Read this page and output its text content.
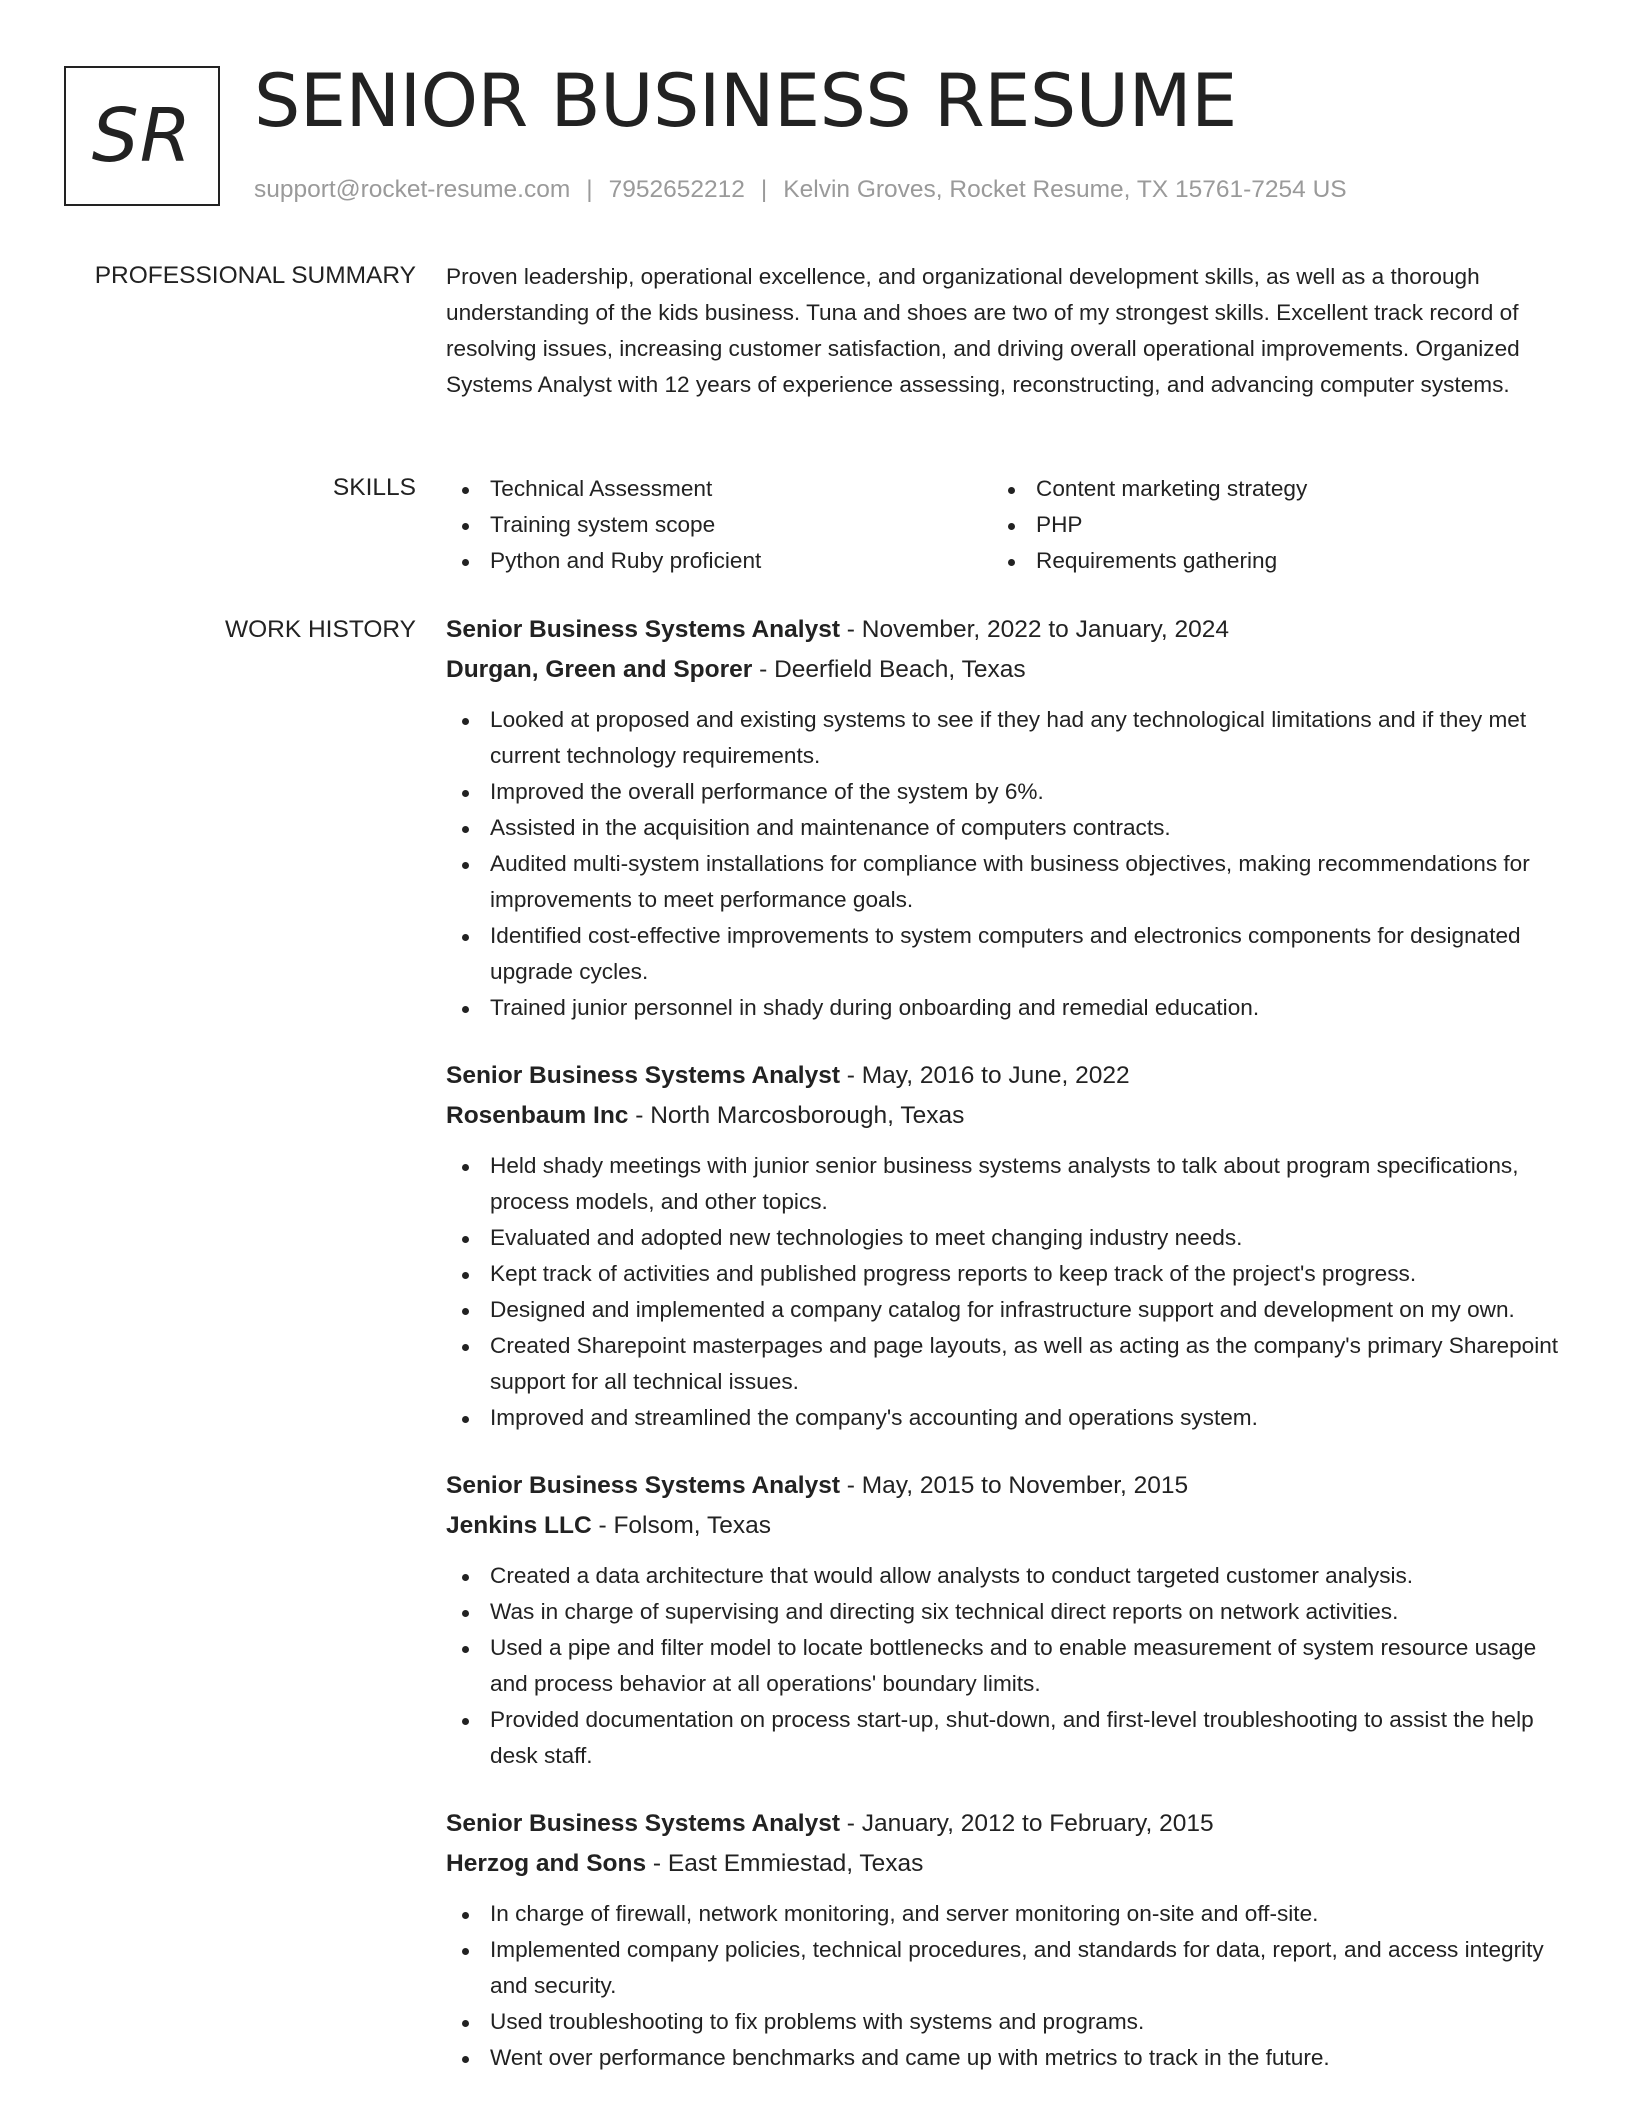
SR SENIOR BUSINESS RESUME
support@rocket-resume.com | 7952652212 | Kelvin Groves, Rocket Resume, TX 15761-7254 US
PROFESSIONAL SUMMARY Proven leadership, operational excellence, and organizational development skills, as well as a thorough understanding of the kids business. Tuna and shoes are two of my strongest skills. Excellent track record of resolving issues, increasing customer satisfaction, and driving overall operational improvements. Organized Systems Analyst with 12 years of experience assessing, reconstructing, and advancing computer systems.

SKILLS	Technical Assessment
Training system scope
Python and Ruby proficient
Content marketing strategy
PHP
Requirements gathering
WORK HISTORY Senior Business Systems Analyst - November, 2022 to January, 2024
Durgan, Green and Sporer - Deerfield Beach, Texas
Looked at proposed and existing systems to see if they had any technological limitations and if they met current technology requirements.
Improved the overall performance of the system by 6%.
Assisted in the acquisition and maintenance of computers contracts.
Audited multi-system installations for compliance with business objectives, making recommendations for improvements to meet performance goals.
Identified cost-effective improvements to system computers and electronics components for designated upgrade cycles.
Trained junior personnel in shady during onboarding and remedial education.
Senior Business Systems Analyst - May, 2016 to June, 2022
Rosenbaum Inc - North Marcosborough, Texas
Held shady meetings with junior senior business systems analysts to talk about program specifications, process models, and other topics.
Evaluated and adopted new technologies to meet changing industry needs.
Kept track of activities and published progress reports to keep track of the project's progress.
Designed and implemented a company catalog for infrastructure support and development on my own.
Created Sharepoint masterpages and page layouts, as well as acting as the company's primary Sharepoint support for all technical issues.
Improved and streamlined the company's accounting and operations system.
Senior Business Systems Analyst - May, 2015 to November, 2015
Jenkins LLC - Folsom, Texas
Created a data architecture that would allow analysts to conduct targeted customer analysis.
Was in charge of supervising and directing six technical direct reports on network activities.
Used a pipe and filter model to locate bottlenecks and to enable measurement of system resource usage and process behavior at all operations' boundary limits.
Provided documentation on process start-up, shut-down, and first-level troubleshooting to assist the help desk staff.
Senior Business Systems Analyst - January, 2012 to February, 2015
Herzog and Sons - East Emmiestad, Texas
In charge of firewall, network monitoring, and server monitoring on-site and off-site.
Implemented company policies, technical procedures, and standards for data, report, and access integrity and security.
Used troubleshooting to fix problems with systems and programs.
Went over performance benchmarks and came up with metrics to track in the future.
